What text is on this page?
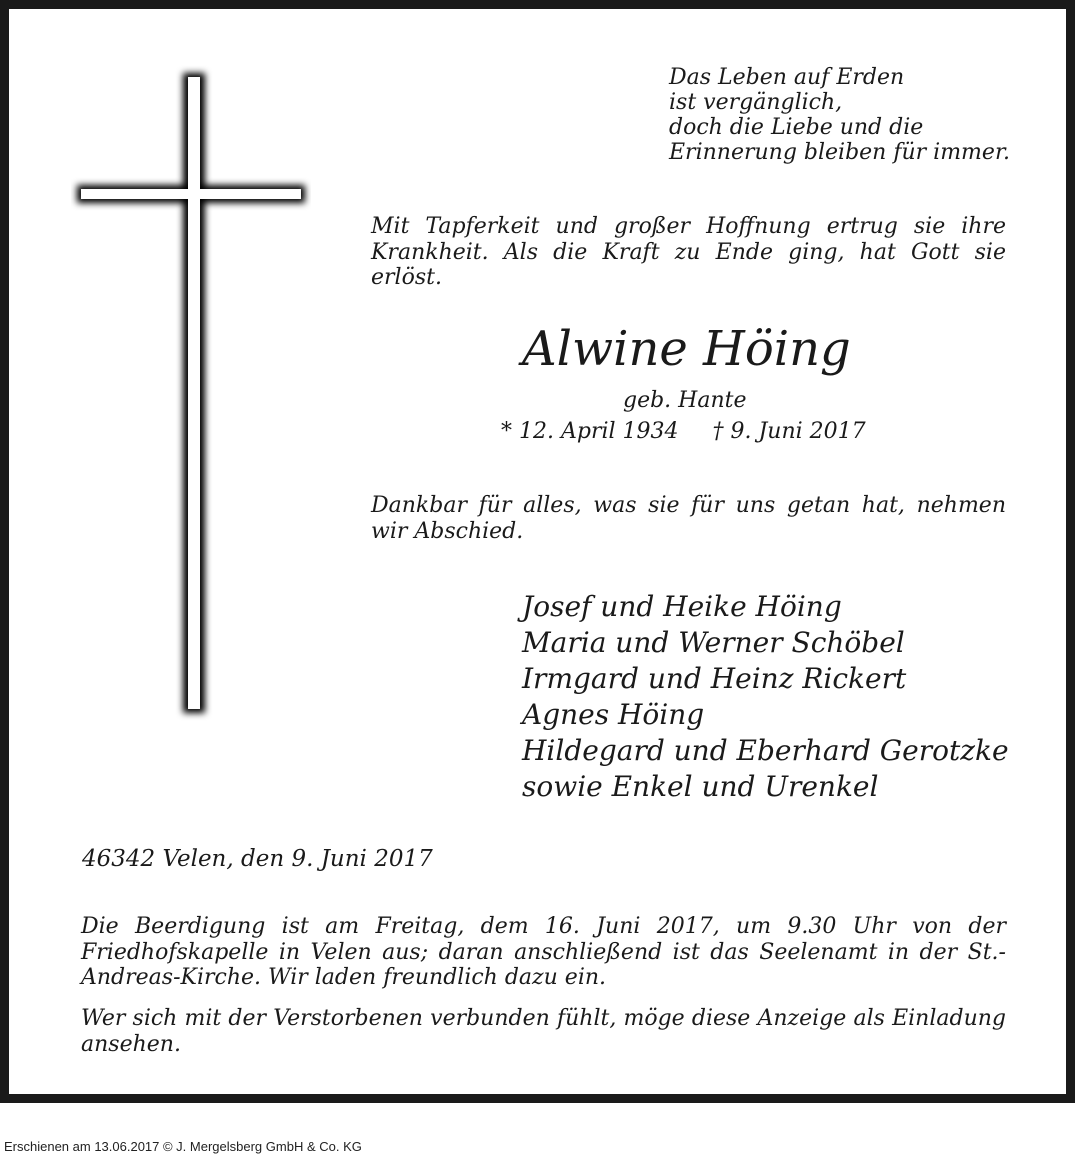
Das Leben auf Erden
ist vergänglich,
doch die Liebe und die
Erinnerung bleiben für immer.

Mit Tapferkeit und großer Hoffnung ertrug sie ihre Krankheit. Als die Kraft zu Ende ging, hat Gott sie erlöst.

Alwine Höing
geb. Hante
* 12. April 1934 † 9. Juni 2017

Dankbar für alles, was sie für uns getan hat, nehmen wir Abschied.

Josef und Heike Höing
Maria und Werner Schöbel
Irmgard und Heinz Rickert
Agnes Höing
Hildegard und Eberhard Gerotzke
sowie Enkel und Urenkel
46342 Velen, den 9. Juni 2017

Die Beerdigung ist am Freitag, dem 16. Juni 2017, um 9.30 Uhr von der Friedhofskapelle in Velen aus; daran anschließend ist das Seelenamt in der St.-Andreas-Kirche. Wir laden freundlich dazu ein.

Wer sich mit der Verstorbenen verbunden fühlt, möge diese Anzeige als Einladung ansehen.

Erschienen am 13.06.2017 © J. Mergelsberg GmbH & Co. KG
